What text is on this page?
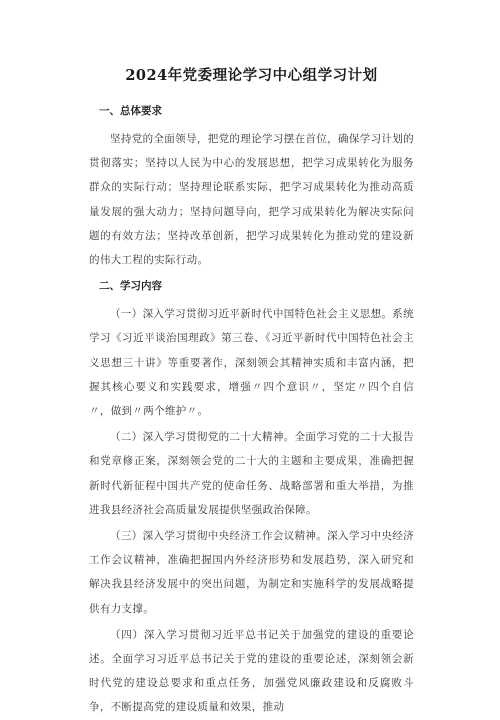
2024年党委理论学习中心组学习计划
一、总体要求

坚持党的全面领导，把党的理论学习摆在首位，确保学习计划的贯彻落实；坚持以人民为中心的发展思想，把学习成果转化为服务群众的实际行动；坚持理论联系实际，把学习成果转化为推动高质量发展的强大动力；坚持问题导向，把学习成果转化为解决实际问题的有效方法；坚持改革创新，把学习成果转化为推动党的建设新的伟大工程的实际行动。

二、学习内容

（一）深入学习贯彻习近平新时代中国特色社会主义思想。系统学习《习近平谈治国理政》第三卷、《习近平新时代中国特色社会主义思想三十讲》等重要著作，深刻领会其精神实质和丰富内涵，把握其核心要义和实践要求，增强〃四个意识〃，坚定〃四个自信〃，做到〃两个维护〃。

（二）深入学习贯彻党的二十大精神。全面学习党的二十大报告和党章修正案，深刻领会党的二十大的主题和主要成果，准确把握新时代新征程中国共产党的使命任务、战略部署和重大举措，为推进我县经济社会高质量发展提供坚强政治保障。

（三）深入学习贯彻中央经济工作会议精神。深入学习中央经济工作会议精神，准确把握国内外经济形势和发展趋势，深入研究和解决我县经济发展中的突出问题，为制定和实施科学的发展战略提供有力支撑。

（四）深入学习贯彻习近平总书记关于加强党的建设的重要论述。全面学习习近平总书记关于党的建设的重要论述，深刻领会新时代党的建设总要求和重点任务，加强党风廉政建设和反腐败斗争，不断提高党的建设质量和效果，推动
